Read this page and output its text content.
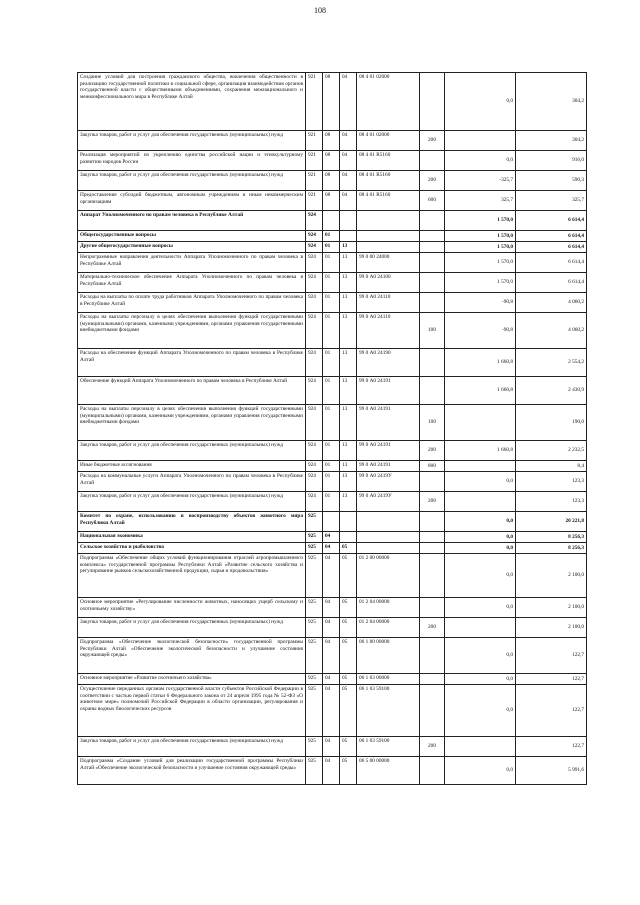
108
Создание условий для построения гражданского общества, вовлечения общественности в реализацию государственной политики в социальной сфере, организация взаимодействия органов государственной власти с общественными объединениями, сохранения межнационального и межконфессионального мира в Республике Алтай	921	08	04	08 4 01 02000		0,0	304,2
Закупка товаров, работ и услуг для обеспечения государственных (муниципальных) нужд	921	08	04	08 4 01 02000	200		304,2
Реализация мероприятий по укреплению единства российской нации и этнокультурному развитию народов России	921	08	04	08 4 01 R5160		0,0	916,0
Закупка товаров, работ и услуг для обеспечения государственных (муниципальных) нужд	921	08	04	08 4 01 R5160	200	-325,7	590,3
Предоставление субсидий бюджетным, автономным учреждениям и иным некоммерческим организациям	921	08	04	08 4 01 R5160	600	325,7	325,7
Аппарат Уполномоченного по правам человека в Республике Алтай	924					1 570,0	6 614,4
Общегосударственные вопросы	924	01				1 570,0	6 614,4
Другие общегосударственные вопросы	924	01	13			1 570,0	6 614,4
Непрограммные направления деятельности Аппарата Уполномоченного по правам человека в Республике Алтай	924	01	13	99 0 00 24000		1 570,0	6 614,4
Материально-техническое обеспечение Аппарата Уполномоченного по правам человека в Республике Алтай	924	01	13	99 0 А0 24100		1 570,0	6 614,4
Расходы на выплаты по оплате труда работников Аппарата Уполномоченного по правам человека в Республике Алтай	924	01	13	99 0 А0 24110		-90,8	4 060,2
Расходы на выплаты персоналу в целях обеспечения выполнения функций государственными (муниципальными) органами, казенными учреждениями, органами управления государственными внебюджетными фондами	924	01	13	99 0 А0 24110	100	-90,8	4 060,2
Расходы на обеспечение функций Аппарата Уполномоченного по правам человека в Республике Алтай	924	01	13	99 0 А0 24190		1 660,8	2 554,2
Обеспечение функций Аппарата Уполномоченного по правам человека в Республике Алтай	924	01	13	99 0 А0 24191		1 660,8	2 430,9
Расходы на выплаты персоналу в целях обеспечения выполнения функций государственными (муниципальными) органами, казенными учреждениями, органами управления государственными внебюджетными фондами	924	01	13	99 0 А0 24191	100		190,0
Закупка товаров, работ и услуг для обеспечения государственных (муниципальных) нужд	924	01	13	99 0 А0 24191	200	1 660,8	2 232,5
Иные бюджетные ассигнования	924	01	13	99 0 А0 24191	800		8,4
Расходы на коммунальные услуги Аппарата Уполномоченного по правам человека в Республике Алтай	924	01	13	99 0 А0 2419У		0,0	123,3
Закупка товаров, работ и услуг для обеспечения государственных (муниципальных) нужд	924	01	13	99 0 А0 2419У	200		123,3
Комитет по охране, использованию и воспроизводству объектов животного мира Республики Алтай	925					0,0	20 221,8
Национальная экономика	925	04				0,0	8 256,3
Сельское хозяйство и рыболовство	925	04	05			0,0	8 256,3
Подпрограмма «Обеспечение общих условий функционирования отраслей агропромышленного комплекса» государственной программы Республики Алтай «Развитие сельского хозяйства и регулирование рынков сельскохозяйственной продукции, сырья и продовольствия»	925	04	05	01 2 00 00000		0,0	2 100,0
Основное мероприятие «Регулирование численности животных, наносящих ущерб сельскому и охотничьему хозяйству»	925	04	05	01 2 04 00000		0,0	2 100,0
Закупка товаров, работ и услуг для обеспечения государственных (муниципальных) нужд	925	04	05	01 2 04 00000	200		2 100,0
Подпрограмма «Обеспечение экологической безопасности» государственной программы Республики Алтай «Обеспечение экологической безопасности и улучшение состояния окружающей среды»	925	04	05	06 1 00 00000		0,0	122,7
Основное мероприятие «Развитие охотничьего хозяйства»	925	04	05	06 1 03 00000		0,0	122,7
Осуществление переданных органам государственной власти субъектов Российской Федерации в соответствии с частью первой статьи 6 Федерального закона от 24 апреля 1995 года № 52-ФЗ «О животном мире» полномочий Российской Федерации в области организации, регулирования и охраны водных биологических ресурсов	925	04	05	06 1 03 59100		0,0	122,7
Закупка товаров, работ и услуг для обеспечения государственных (муниципальных) нужд	925	04	05	06 1 03 59100	200		122,7
Подпрограмма «Создание условий для реализации государственной программы Республики Алтай «Обеспечение экологической безопасности и улучшение состояния окружающей среды»	925	04	05	06 5 00 00000		0,0	5 991,6
